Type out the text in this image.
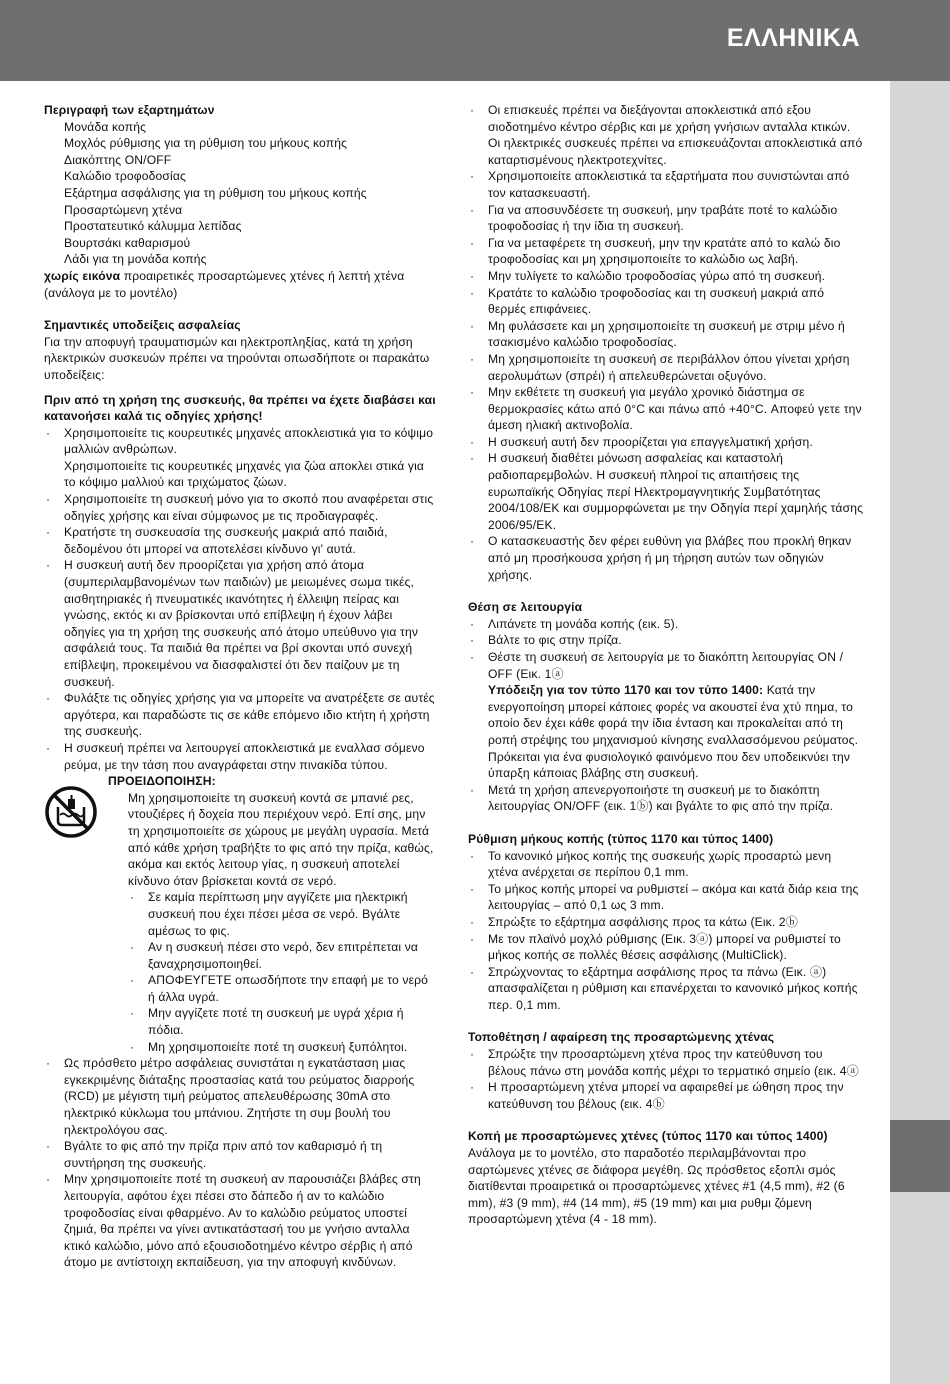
ΕΛΛΗΝΙΚΑ
Περιγραφή των εξαρτημάτων
Μονάδα κοπής
Μοχλός ρύθμισης για τη ρύθμιση του μήκους κοπής
Διακόπτης ON/OFF
Καλώδιο τροφοδοσίας
Εξάρτημα ασφάλισης για τη ρύθμιση του μήκους κοπής
Προσαρτώμενη χτένα
Προστατευτικό κάλυμμα λεπίδας
Βουρτσάκι καθαρισμού
Λάδι για τη μονάδα κοπής
χωρίς εικόνα προαιρετικές προσαρτώμενες χτένες ή λεπτή χτένα (ανάλογα με το μοντέλο)
Σημαντικές υποδείξεις ασφαλείας
Για την αποφυγή τραυματισμών και ηλεκτροπληξίας, κατά τη χρήση ηλεκτρικών συσκευών πρέπει να τηρούνται οπωσδήποτε οι παρακάτω υποδείξεις:
Πριν από τη χρήση της συσκευής, θα πρέπει να έχετε διαβάσει και κατανοήσει καλά τις οδηγίες χρήσης!
· Χρησιμοποιείτε τις κουρευτικές μηχανές αποκλειστικά για το κόψιμο μαλλιών ανθρώπων.
Χρησιμοποιείτε τις κουρευτικές μηχανές για ζώα αποκλει στικά για το κόψιμο μαλλιού και τριχώματος ζώων.
· Χρησιμοποιείτε τη συσκευή μόνο για το σκοπό που αναφέρεται στις οδηγίες χρήσης και είναι σύμφωνος με τις προδιαγραφές.
· Κρατήστε τη συσκευασία της συσκευής μακριά από παιδιά, δεδομένου ότι μπορεί να αποτελέσει κίνδυνο γι' αυτά.
· Η συσκευή αυτή δεν προορίζεται για χρήση από άτομα (συμπεριλαμβανομένων των παιδιών) με μειωμένες σωμα τικές, αισθητηριακές ή πνευματικές ικανότητες ή έλλειψη πείρας και γνώσης, εκτός κι αν βρίσκονται υπό επίβλεψη ή έχουν λάβει οδηγίες για τη χρήση της συσκευής από άτομο υπεύθυνο για την ασφάλειά τους. Τα παιδιά θα πρέπει να βρί σκονται υπό συνεχή επίβλεψη, προκειμένου να διασφαλιστεί ότι δεν παίζουν με τη συσκευή.
· Φυλάξτε τις οδηγίες χρήσης για να μπορείτε να ανατρέξετε σε αυτές αργότερα, και παραδώστε τις σε κάθε επόμενο ιδιο κτήτη ή χρήστη της συσκευής.
· Η συσκευή πρέπει να λειτουργεί αποκλειστικά με εναλλασ σόμενο ρεύμα, με την τάση που αναγράφεται στην πινακίδα τύπου.
ΠΡΟΕΙΔΟΠΟΙΗΣΗ:
Μη χρησιμοποιείτε τη συσκευή κοντά σε μπανιέ ρες, ντουζιέρες ή δοχεία που περιέχουν νερό. Επί σης, μην τη χρησιμοποιείτε σε χώρους με μεγάλη υγρασία. Μετά από κάθε χρήση τραβήξτε το φις από την πρίζα, καθώς, ακόμα και εκτός λειτουρ γίας, η συσκευή αποτελεί κίνδυνο όταν βρίσκεται κοντά σε νερό.
· Σε καμία περίπτωση μην αγγίζετε μια ηλεκτρική συσκευή που έχει πέσει μέσα σε νερό. Βγάλτε αμέσως το φις.
· Αν η συσκευή πέσει στο νερό, δεν επιτρέπεται να ξαναχρησιμοποιηθεί.
· ΑΠΟΦΕΥΓΕΤΕ οπωσδήποτε την επαφή με το νερό ή άλλα υγρά.
· Μην αγγίζετε ποτέ τη συσκευή με υγρά χέρια ή πόδια.
· Μη χρησιμοποιείτε ποτέ τη συσκευή ξυπόλητοι.
· Ως πρόσθετο μέτρο ασφάλειας συνιστάται η εγκατάσταση μιας εγκεκριμένης διάταξης προστασίας κατά του ρεύματος διαρροής (RCD) με μέγιστη τιμή ρεύματος απελευθέρωσης 30mA στο ηλεκτρικό κύκλωμα του μπάνιου. Ζητήστε τη συμ βουλή του ηλεκτρολόγου σας.
· Βγάλτε το φις από την πρίζα πριν από τον καθαρισμό ή τη συντήρηση της συσκευής.
· Μην χρησιμοποιείτε ποτέ τη συσκευή αν παρουσιάζει βλάβες στη λειτουργία, αφότου έχει πέσει στο δάπεδο ή αν το καλώδιο τροφοδοσίας είναι φθαρμένο. Αν το καλώδιο ρεύματος υποστεί ζημιά, θα πρέπει να γίνει αντικατάστασή του με γνήσιο ανταλλα κτικό καλώδιο, μόνο από εξουσιοδοτημένο κέντρο σέρβις ή από άτομο με αντίστοιχη εκπαίδευση, για την αποφυγή κινδύνων.
· Οι επισκευές πρέπει να διεξάγονται αποκλειστικά από εξου σιοδοτημένο κέντρο σέρβις και με χρήση γνήσιων ανταλλα κτικών. Οι ηλεκτρικές συσκευές πρέπει να επισκευάζονται αποκλειστικά από καταρτισμένους ηλεκτροτεχνίτες.
· Χρησιμοποιείτε αποκλειστικά τα εξαρτήματα που συνιστώνται από τον κατασκευαστή.
· Για να αποσυνδέσετε τη συσκευή, μην τραβάτε ποτέ το καλώδιο τροφοδοσίας ή την ίδια τη συσκευή.
· Για να μεταφέρετε τη συσκευή, μην την κρατάτε από το καλώ διο τροφοδοσίας και μη χρησιμοποιείτε το καλώδιο ως λαβή.
· Μην τυλίγετε το καλώδιο τροφοδοσίας γύρω από τη συσκευή.
· Κρατάτε το καλώδιο τροφοδοσίας και τη συσκευή μακριά από θερμές επιφάνειες.
· Μη φυλάσσετε και μη χρησιμοποιείτε τη συσκευή με στριμ μένο ή τσακισμένο καλώδιο τροφοδοσίας.
· Μη χρησιμοποιείτε τη συσκευή σε περιβάλλον όπου γίνεται χρήση αερολυμάτων (σπρέι) ή απελευθερώνεται οξυγόνο.
· Μην εκθέτετε τη συσκευή για μεγάλο χρονικό διάστημα σε θερμοκρασίες κάτω από 0°C και πάνω από +40°C. Αποφεύ γετε την άμεση ηλιακή ακτινοβολία.
· Η συσκευή αυτή δεν προορίζεται για επαγγελματική χρήση.
· Η συσκευή διαθέτει μόνωση ασφαλείας και καταστολή ραδιοπαρεμβολών. Η συσκευή πληροί τις απαιτήσεις της ευρωπαϊκής Οδηγίας περί Ηλεκτρομαγνητικής Συμβατότητας 2004/108/ΕΚ και συμμορφώνεται με την Οδηγία περί χαμηλής τάσης 2006/95/ΕΚ.
· Ο κατασκευαστής δεν φέρει ευθύνη για βλάβες που προκλή θηκαν από μη προσήκουσα χρήση ή μη τήρηση αυτών των οδηγιών χρήσης.
Θέση σε λειτουργία
· Λιπάνετε τη μονάδα κοπής (εικ. 5).
· Βάλτε το φις στην πρίζα.
· Θέστε τη συσκευή σε λειτουργία με το διακόπτη λειτουργίας ON / OFF (Εικ. 1ⓐ
Υπόδειξη για τον τύπο 1170 και τον τύπο 1400: Κατά την ενεργοποίηση μπορεί κάποιες φορές να ακουστεί ένα χτύ πημα, το οποίο δεν έχει κάθε φορά την ίδια ένταση και προκαλείται από τη ροπή στρέψης του μηχανισμού κίνησης εναλλασσόμενου ρεύματος. Πρόκειται για ένα φυσιολογικό φαινόμενο που δεν υποδεικνύει την ύπαρξη κάποιας βλάβης στη συσκευή.
· Μετά τη χρήση απενεργοποιήστε τη συσκευή με το διακόπτη λειτουργίας ON/OFF (εικ. 1ⓑ) και βγάλτε το φις από την πρίζα.
Ρύθμιση μήκους κοπής (τύπος 1170 και τύπος 1400)
· Το κανονικό μήκος κοπής της συσκευής χωρίς προσαρτώ μενη χτένα ανέρχεται σε περίπου 0,1 mm.
· Το μήκος κοπής μπορεί να ρυθμιστεί – ακόμα και κατά διάρ κεια της λειτουργίας – από 0,1 ως 3 mm.
· Σπρώξτε το εξάρτημα ασφάλισης προς τα κάτω (Εικ. 2ⓑ
· Με τον πλαϊνό μοχλό ρύθμισης (Εικ. 3ⓐ) μπορεί να ρυθμιστεί το μήκος κοπής σε πολλές θέσεις ασφάλισης (MultiClick).
· Σπρώχνοντας το εξάρτημα ασφάλισης προς τα πάνω (Εικ. ⓐ) απασφαλίζεται η ρύθμιση και επανέρχεται το κανονικό μήκος κοπής περ. 0,1 mm.
Τοποθέτηση / αφαίρεση της προσαρτώμενης χτένας
· Σπρώξτε την προσαρτώμενη χτένα προς την κατεύθυνση του βέλους πάνω στη μονάδα κοπής μέχρι το τερματικό σημείο (εικ. 4ⓐ
· Η προσαρτώμενη χτένα μπορεί να αφαιρεθεί με ώθηση προς την κατεύθυνση του βέλους (εικ. 4ⓑ
Κοπή με προσαρτώμενες χτένες (τύπος 1170 και τύπος 1400)
Ανάλογα με το μοντέλο, στο παραδοτέο περιλαμβάνονται προ σαρτώμενες χτένες σε διάφορα μεγέθη. Ως πρόσθετος εξοπλι σμός διατίθενται προαιρετικά οι προσαρτώμενες χτένες #1 (4,5 mm), #2 (6 mm), #3 (9 mm), #4 (14 mm), #5 (19 mm) και μια ρυθμι ζόμενη προσαρτώμενη χτένα (4 - 18 mm).
